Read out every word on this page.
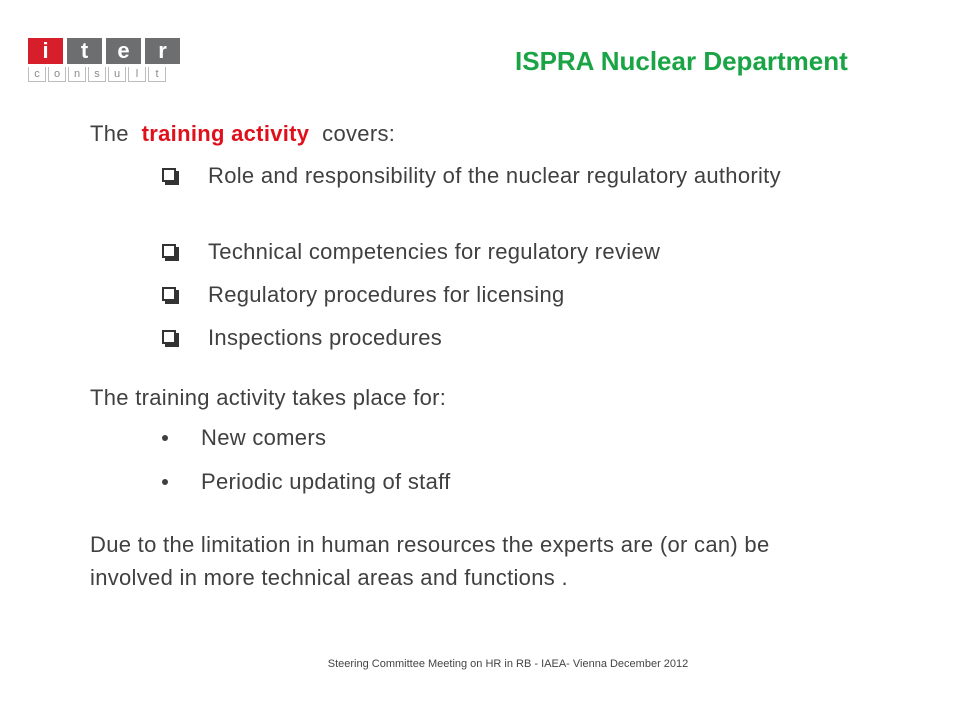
i	t	e	r
c	o	n	s	u	l	t	ISPRA Nuclear Department
The training activity covers:
Role and responsibility of the nuclear regulatory authority
Technical competencies for regulatory review
Regulatory procedures for licensing
Inspections procedures
The training activity takes place for:
New comers
Periodic updating of staff
Due to the limitation in human resources the experts are (or can) be involved in more technical areas and functions .
Steering Committee Meeting on HR in RB - IAEA- Vienna December 2012
